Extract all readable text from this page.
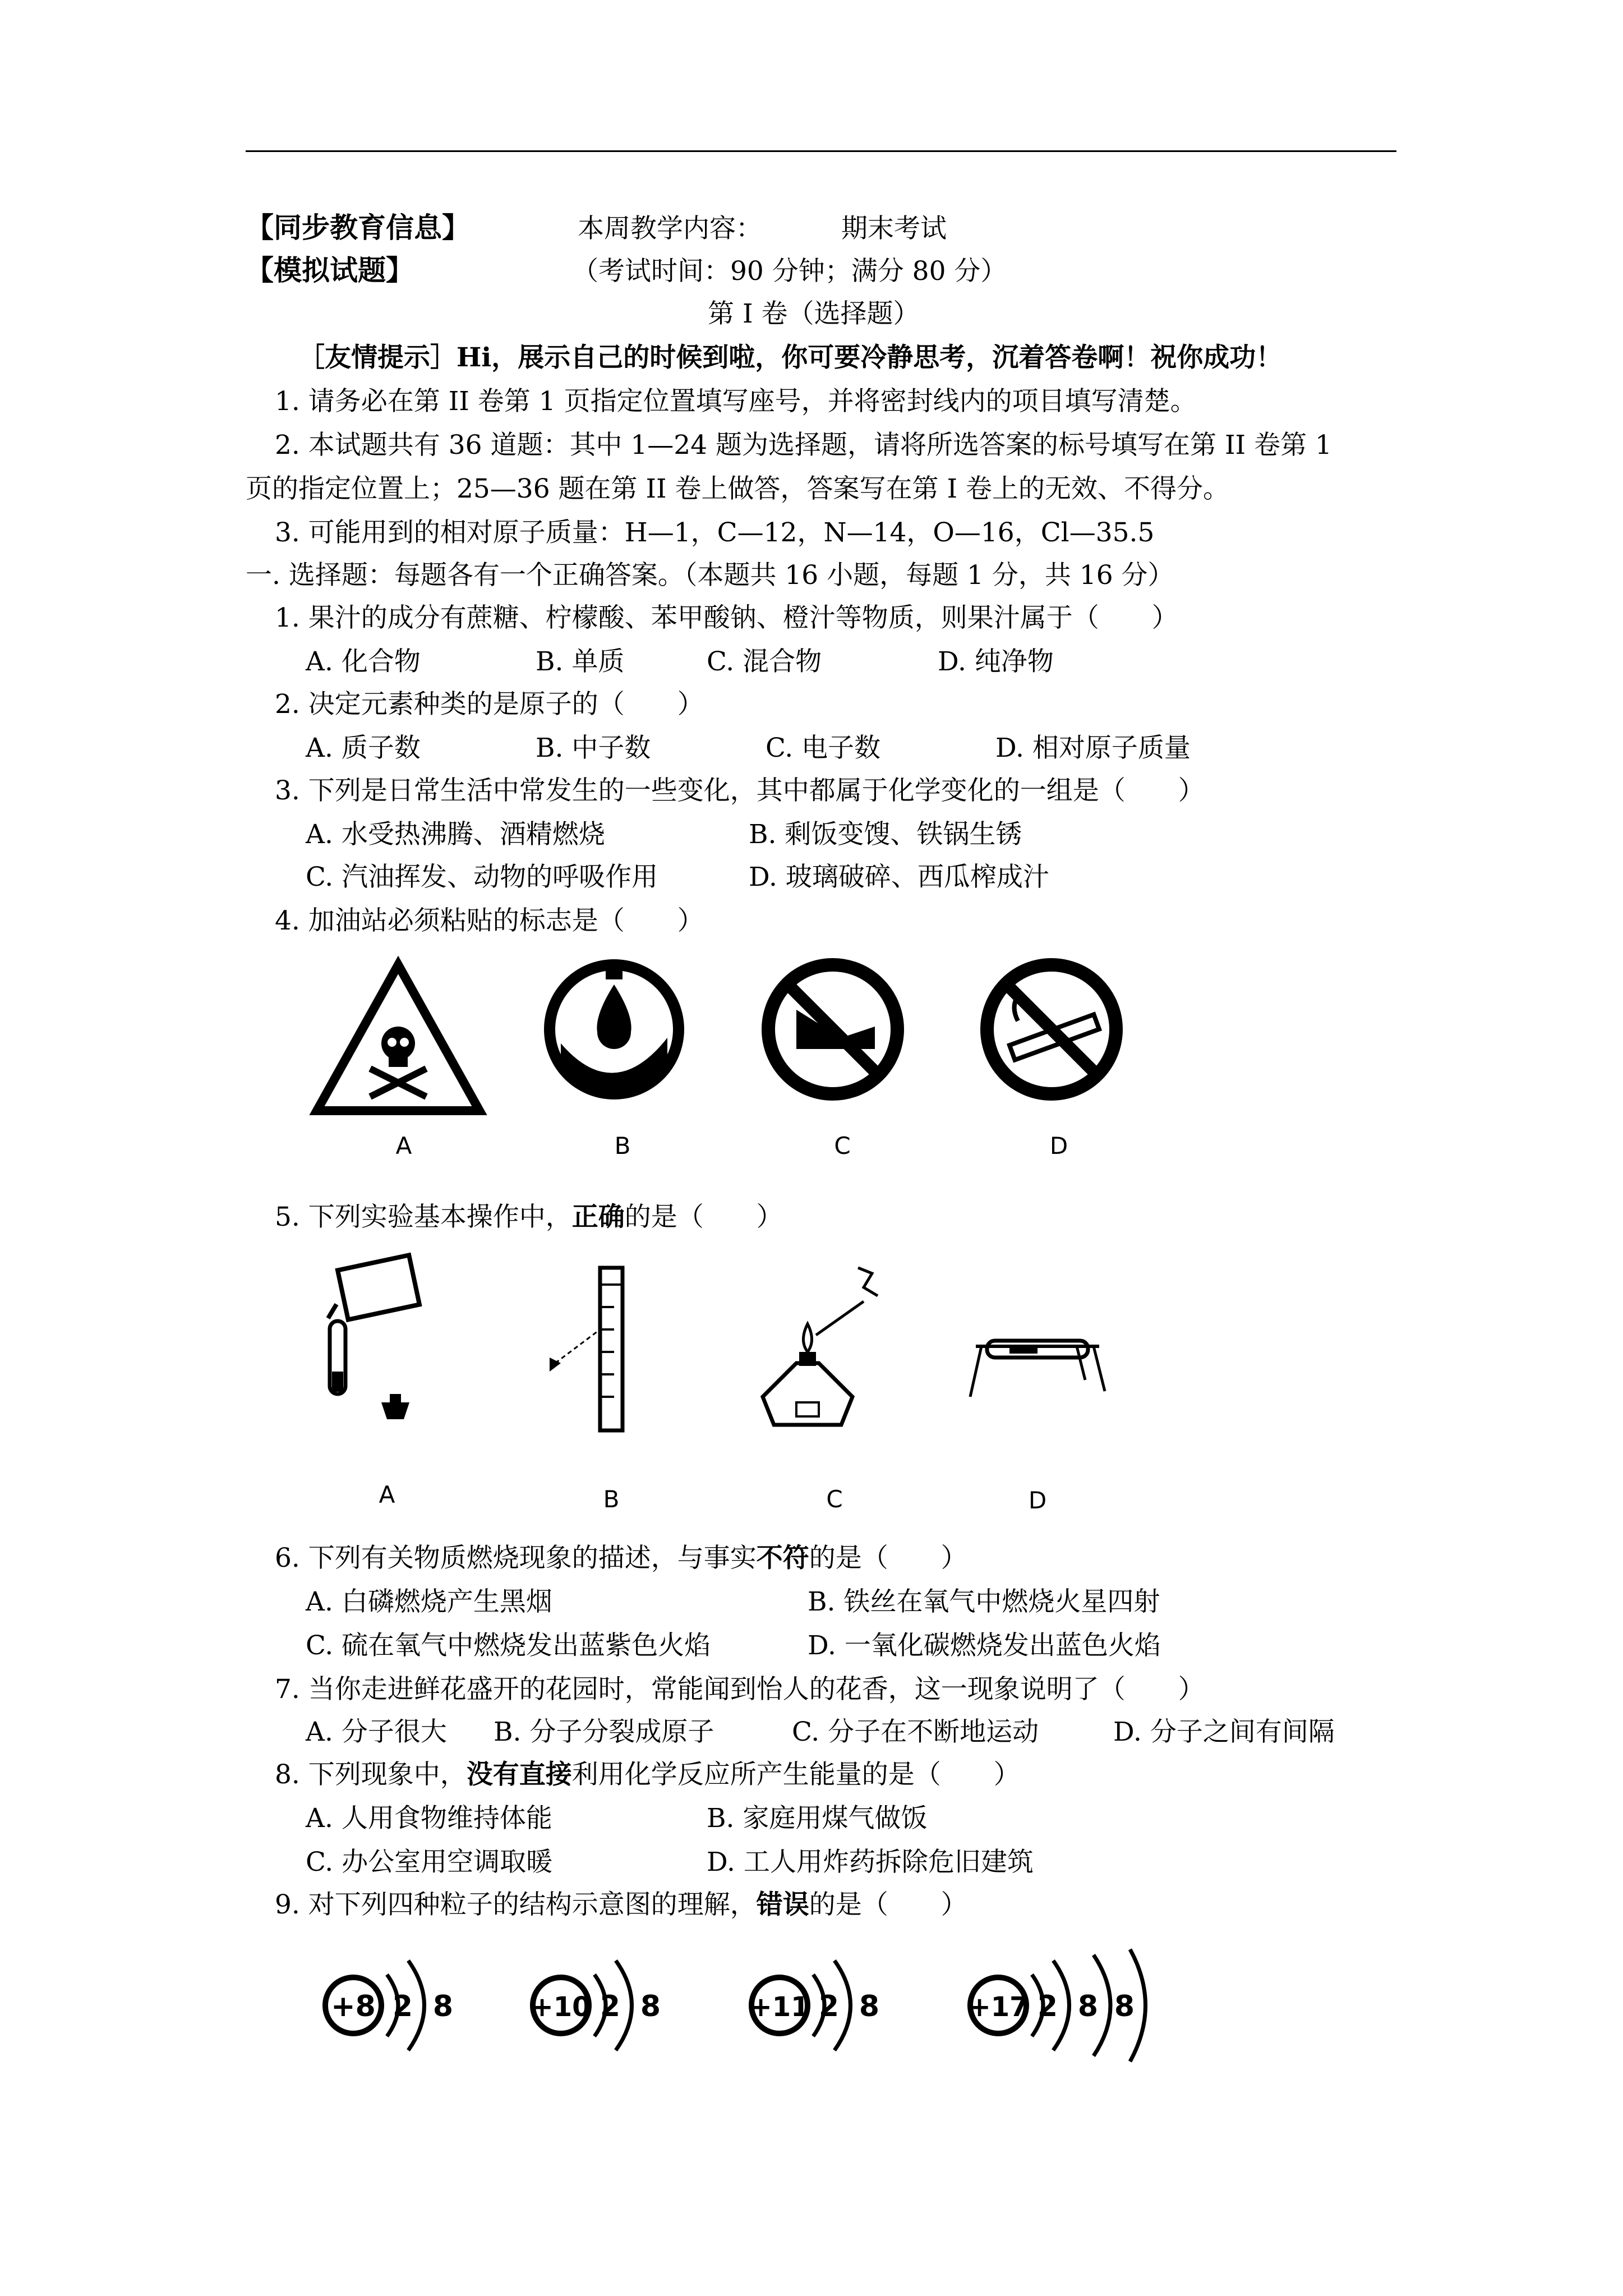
【同步教育信息】	本周教学内容：	期末考试
【模拟试题】	（考试时间：90 分钟；满分 80 分）
第 I 卷（选择题）
［友情提示］Hi，展示自己的时候到啦，你可要冷静思考，沉着答卷啊！祝你成功！
1. 请务必在第 II 卷第 1 页指定位置填写座号，并将密封线内的项目填写清楚。
2. 本试题共有 36 道题：其中 1—24 题为选择题，请将所选答案的标号填写在第 II 卷第 1
页的指定位置上；25—36 题在第 II 卷上做答，答案写在第 I 卷上的无效、不得分。
3. 可能用到的相对原子质量：H—1，C—12，N—14，O—16，Cl—35.5
一. 选择题：每题各有一个正确答案。（本题共 16 小题，每题 1 分，共 16 分）
1. 果汁的成分有蔗糖、柠檬酸、苯甲酸钠、橙汁等物质，则果汁属于（　　）
A. 化合物	B. 单质	C. 混合物	D. 纯净物
2. 决定元素种类的是原子的（　　）
A. 质子数	B. 中子数	C. 电子数	D. 相对原子质量
3. 下列是日常生活中常发生的一些变化，其中都属于化学变化的一组是（　　）
A. 水受热沸腾、酒精燃烧	B. 剩饭变馊、铁锅生锈
C. 汽油挥发、动物的呼吸作用	D. 玻璃破碎、西瓜榨成汁
4. 加油站必须粘贴的标志是（　　）
A	B	C	D
5. 下列实验基本操作中，正确的是（　　）
A	B	C	D
6. 下列有关物质燃烧现象的描述，与事实不符的是（　　）
A. 白磷燃烧产生黑烟	B. 铁丝在氧气中燃烧火星四射
C. 硫在氧气中燃烧发出蓝紫色火焰	D. 一氧化碳燃烧发出蓝色火焰
7. 当你走进鲜花盛开的花园时，常能闻到怡人的花香，这一现象说明了（　　）
A. 分子很大 B. 分子分裂成原子	C. 分子在不断地运动	D. 分子之间有间隔
8. 下列现象中，没有直接利用化学反应所产生能量的是（　　）
A. 人用食物维持体能	B. 家庭用煤气做饭
C. 办公室用空调取暖	D. 工人用炸药拆除危旧建筑
9. 对下列四种粒子的结构示意图的理解，错误的是（　　）
+8 2 8	+10 2 8	+11 2 8	+17 2 8 8
